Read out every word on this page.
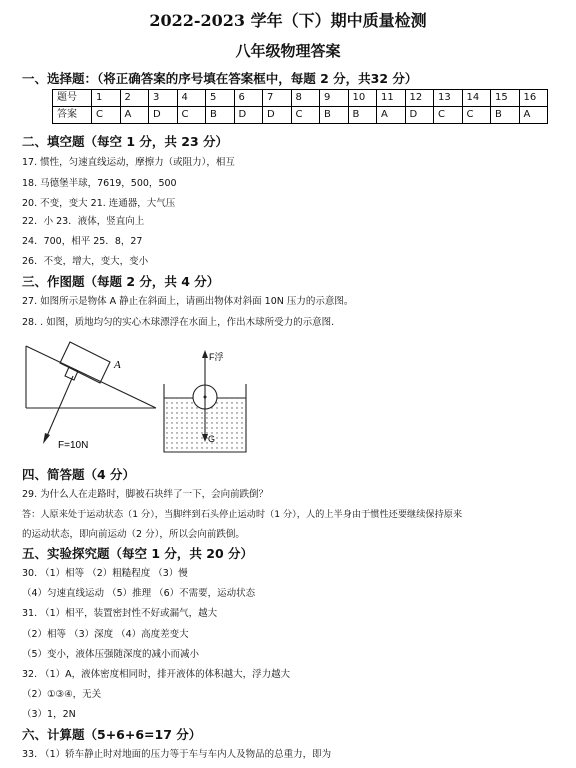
2022-2023 学年（下）期中质量检测
八年级物理答案
一、选择题：（将正确答案的序号填在答案框中，每题 2 分，共32 分）
题号	1	2	3	4	5	6	7	8	9	10	11	12	13	14	15	16
答案	C	A	D	C	B	D	D	C	B	B	A	D	C	C	B	A
二、填空题（每空 1 分，共 23 分）
17. 惯性，匀速直线运动，摩擦力（或阻力），相互
18. 马德堡半球，7619，500，500
20. 不变，变大 21. 连通器，大气压
22．小 23．液体，竖直向上
24．700，相平 25．8，27
26．不变，增大，变大，变小
三、作图题（每题 2 分，共 4 分）
27. 如图所示是物体 A 静止在斜面上，请画出物体对斜面 10N 压力的示意图。
28. . 如图，质地均匀的实心木球漂浮在水面上，作出木球所受力的示意图.
A
F=10N
F浮
G
四、简答题（4 分）
29. 为什么人在走路时，脚被石块绊了一下，会向前跌倒？
答：人原来处于运动状态（1 分），当脚绊到石头停止运动时（1 分），人的上半身由于惯性还要继续保持原来
的运动状态，即向前运动（2 分），所以会向前跌倒。
五、实验探究题（每空 1 分，共 20 分）
30. （1）相等 （2）粗糙程度 （3）慢
（4）匀速直线运动 （5）推理 （6）不需要，运动状态
31. （1）相平，装置密封性不好或漏气，越大
（2）相等 （3）深度 （4）高度差变大
（5）变小，液体压强随深度的减小而减小
32. （1）A，液体密度相同时，排开液体的体积越大，浮力越大
（2）①③④，无关
（3）1，2N
六、计算题（5+6+6=17 分）
33. （1）轿车静止时对地面的压力等于车与车内人及物品的总重力，即为
